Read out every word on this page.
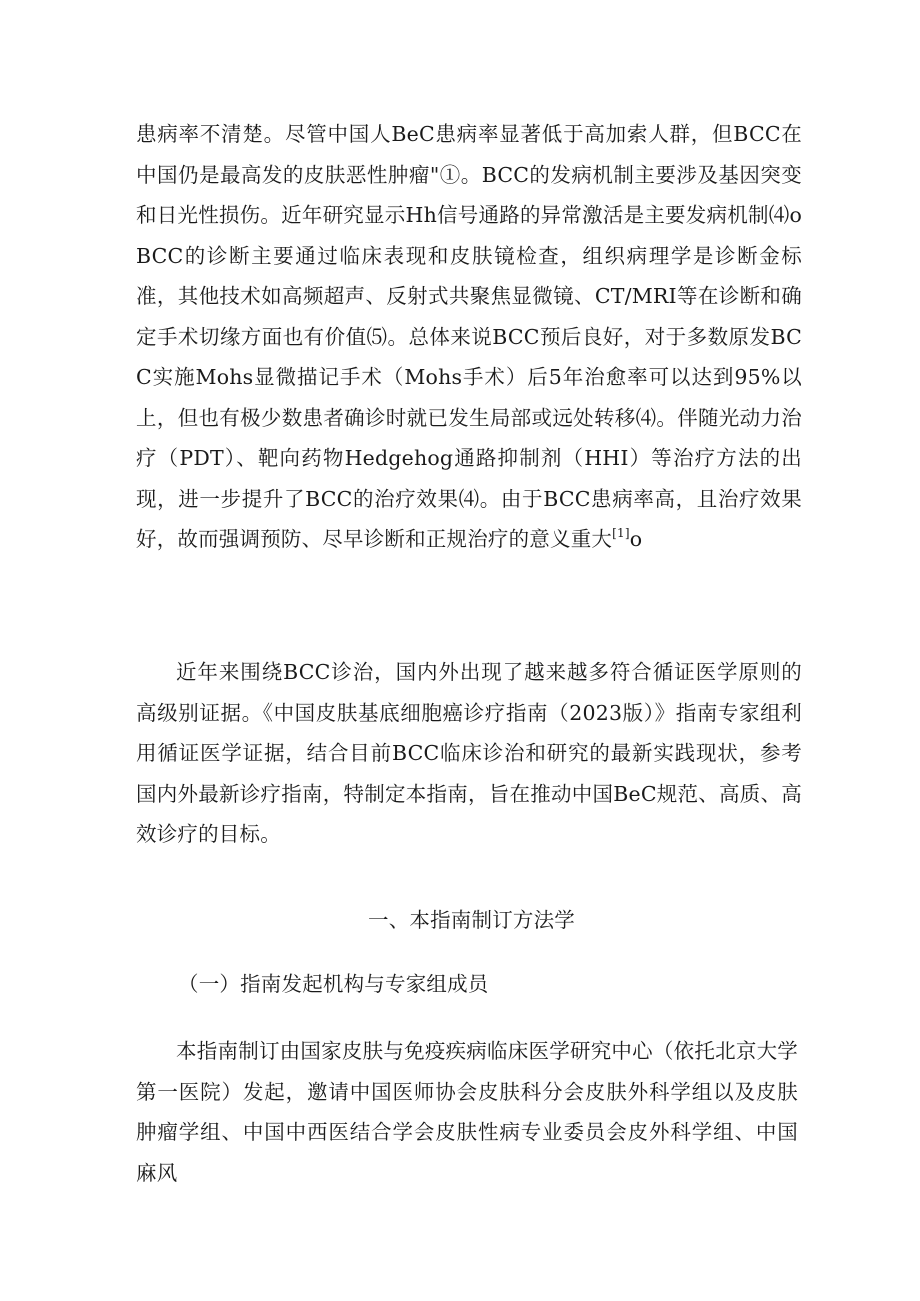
患病率不清楚。尽管中国人BeC患病率显著低于高加索人群，但BCC在中国仍是最高发的皮肤恶性肿瘤"①。BCC的发病机制主要涉及基因突变和日光性损伤。近年研究显示Hh信号通路的异常激活是主要发病机制⑷oBCC的诊断主要通过临床表现和皮肤镜检查，组织病理学是诊断金标准，其他技术如高频超声、反射式共聚焦显微镜、CT/MRI等在诊断和确定手术切缘方面也有价值⑸。总体来说BCC预后良好，对于多数原发BCC实施Mohs显微描记手术（Mohs手术）后5年治愈率可以达到95%以上，但也有极少数患者确诊时就已发生局部或远处转移⑷。伴随光动力治疗（PDT）、靶向药物Hedgehog通路抑制剂（HHI）等治疗方法的出现，进一步提升了BCC的治疗效果⑷。由于BCC患病率高，且治疗效果好，故而强调预防、尽早诊断和正规治疗的意义重大[1]o

近年来围绕BCC诊治，国内外出现了越来越多符合循证医学原则的高级别证据。《中国皮肤基底细胞癌诊疗指南（2023版）》指南专家组利用循证医学证据，结合目前BCC临床诊治和研究的最新实践现状，参考国内外最新诊疗指南，特制定本指南，旨在推动中国BeC规范、高质、高效诊疗的目标。

一、本指南制订方法学
（一）指南发起机构与专家组成员

本指南制订由国家皮肤与免疫疾病临床医学研究中心（依托北京大学第一医院）发起，邀请中国医师协会皮肤科分会皮肤外科学组以及皮肤肿瘤学组、中国中西医结合学会皮肤性病专业委员会皮外科学组、中国麻风
